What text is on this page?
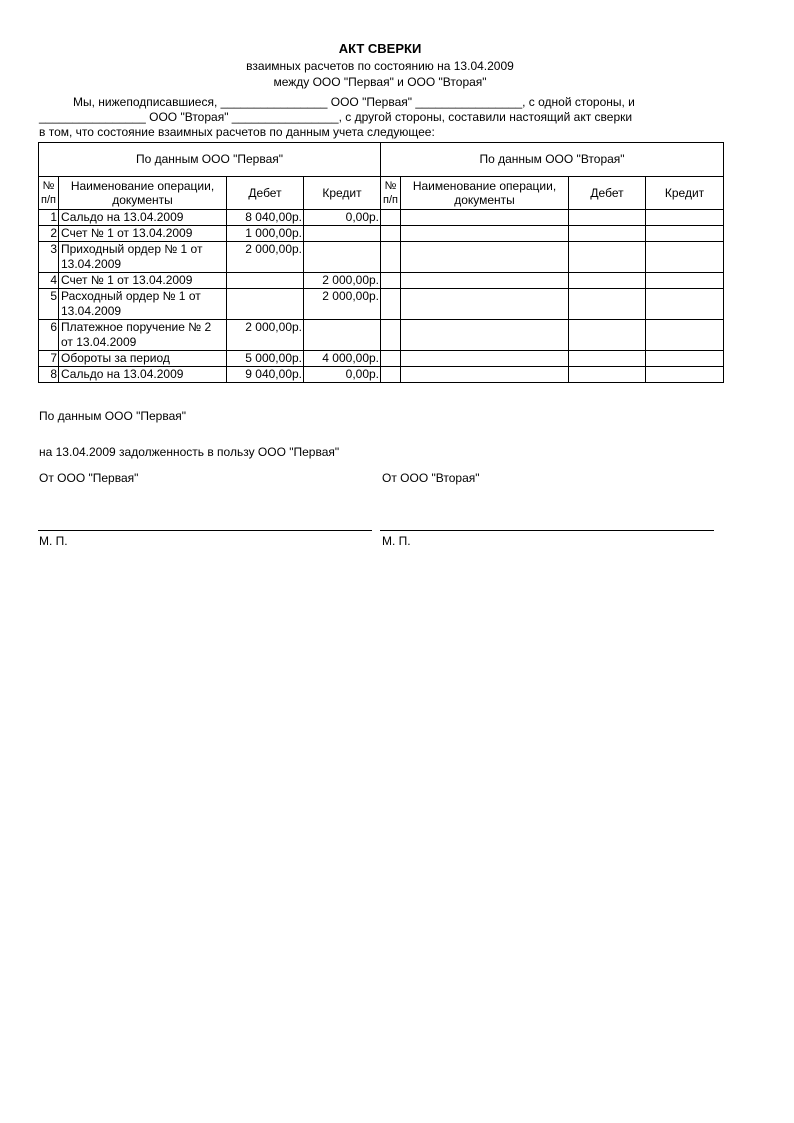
АКТ СВЕРКИ
взаимных расчетов по состоянию на 13.04.2009
между ООО "Первая" и ООО "Вторая"
Мы, нижеподписавшиеся, ________________ ООО "Первая" ________________, с одной стороны, и
________________ ООО "Вторая" ________________, с другой стороны, составили настоящий акт сверки
в том, что состояние взаимных расчетов по данным учета следующее:
По данным ООО "Первая"				По данным ООО "Вторая"			
№ п/п	Наименование операции, документы	Дебет	Кредит	№ п/п	Наименование операции, документы	Дебет	Кредит
1	Сальдо на 13.04.2009	8 040,00р.	0,00р.				
2	Счет № 1 от 13.04.2009	1 000,00р.					
3	Приходный ордер № 1 от 13.04.2009	2 000,00р.					
4	Счет № 1 от 13.04.2009		2 000,00р.				
5	Расходный ордер № 1 от 13.04.2009		2 000,00р.				
6	Платежное поручение № 2 от 13.04.2009	2 000,00р.					
7	Обороты за период	5 000,00р.	4 000,00р.				
8	Сальдо на 13.04.2009	9 040,00р.	0,00р.				
По данным ООО "Первая"
на 13.04.2009 задолженность в пользу ООО "Первая"
От ООО "Первая"	От ООО "Вторая"
М. П.	М. П.
